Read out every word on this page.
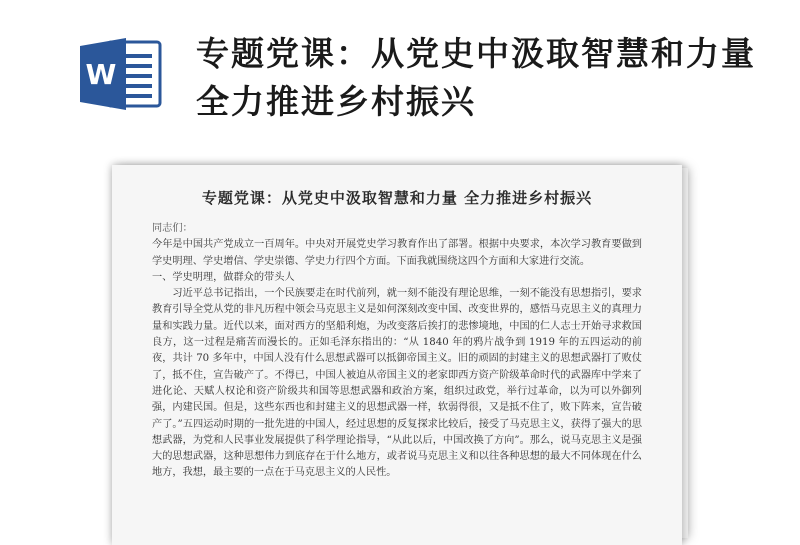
W
专题党课：从党史中汲取智慧和力量 全力推进乡村振兴
专题党课：从党史中汲取智慧和力量 全力推进乡村振兴

同志们：

今年是中国共产党成立一百周年。中央对开展党史学习教育作出了部署。根据中央要求，本次学习教育要做到学史明理、学史增信、学史崇德、学史力行四个方面。下面我就围绕这四个方面和大家进行交流。

一、学史明理，做群众的带头人

习近平总书记指出，一个民族要走在时代前列，就一刻不能没有理论思维，一刻不能没有思想指引，要求教育引导全党从党的非凡历程中领会马克思主义是如何深刻改变中国、改变世界的，感悟马克思主义的真理力量和实践力量。近代以来，面对西方的坚船利炮，为改变落后挨打的悲惨境地，中国的仁人志士开始寻求救国良方，这一过程是痛苦而漫长的。正如毛泽东指出的：“从 1840 年的鸦片战争到 1919 年的五四运动的前夜，共计 70 多年中，中国人没有什么思想武器可以抵御帝国主义。旧的顽固的封建主义的思想武器打了败仗了，抵不住，宣告破产了。不得已，中国人被迫从帝国主义的老家即西方资产阶级革命时代的武器库中学来了进化论、天赋人权论和资产阶级共和国等思想武器和政治方案，组织过政党，举行过革命，以为可以外御列强，内建民国。但是，这些东西也和封建主义的思想武器一样，软弱得很，又是抵不住了，败下阵来，宣告破产了。”五四运动时期的一批先进的中国人，经过思想的反复探求比较后，接受了马克思主义，获得了强大的思想武器，为党和人民事业发展提供了科学理论指导，“从此以后，中国改换了方向”。那么，说马克思主义是强大的思想武器，这种思想伟力到底存在于什么地方，或者说马克思主义和以往各种思想的最大不同体现在什么地方，我想，最主要的一点在于马克思主义的人民性。
